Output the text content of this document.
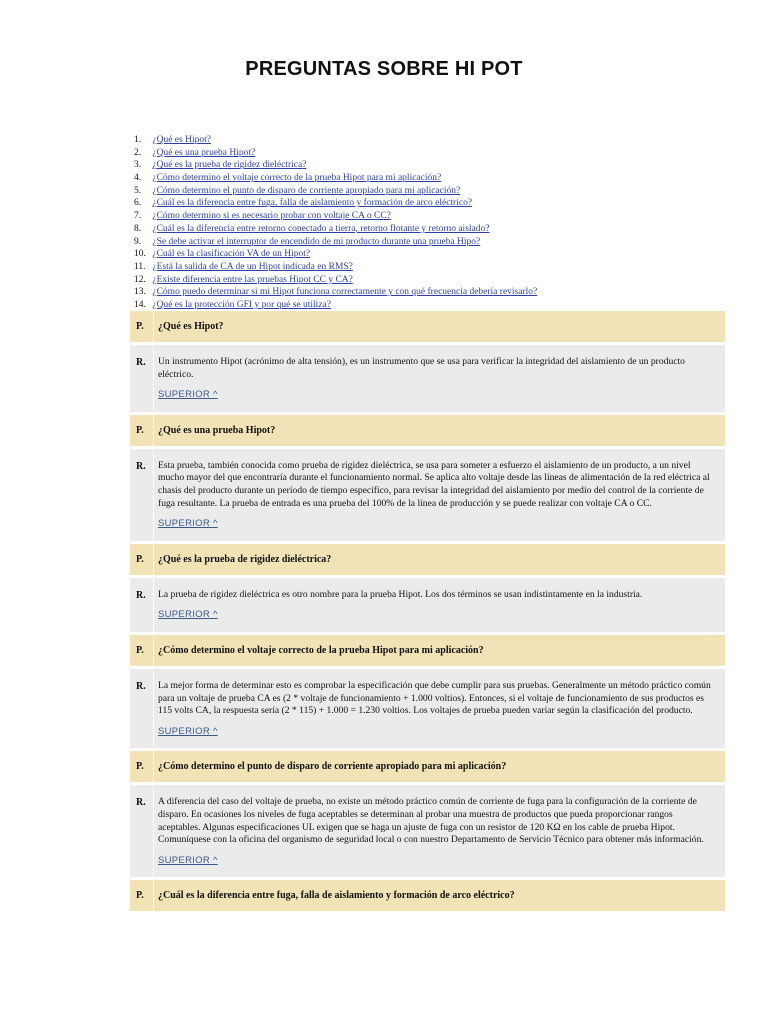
PREGUNTAS SOBRE HI POT
1. ¿Qué es Hipot?
2. ¿Qué es una prueba Hipot?
3. ¿Qué es la prueba de rigidez dieléctrica?
4. ¿Cómo determino el voltaje correcto de la prueba Hipot para mi aplicación?
5. ¿Cómo determino el punto de disparo de corriente apropiado para mi aplicación?
6. ¿Cuál es la diferencia entre fuga, falla de aislamiento y formación de arco eléctrico?
7. ¿Cómo determino si es necesario probar con voltaje CA o CC?
8. ¿Cuál es la diferencia entre retorno conectado a tierra, retorno flotante y retorno aislado?
9. ¿Se debe activar el interruptor de encendido de mi producto durante una prueba Hipo?
10. ¿Cuál es la clasificación VA de un Hipot?
11. ¿Está la salida de CA de un Hipot indicada en RMS?
12. ¿Existe diferencia entre las pruebas Hipot CC y CA?
13. ¿Cómo puedo determinar si mi Hipot funciona correctamente y con qué frecuencia debería revisarlo?
14. ¿Qué es la protección GFI y por qué se utiliza?
P.	¿Qué es Hipot?
R.	Un instrumento Hipot (acrónimo de alta tensión), es un instrumento que se usa para verificar la integridad del aislamiento de un producto eléctrico.
SUPERIOR ^
P.	¿Qué es una prueba Hipot?
R.	Esta prueba, también conocida como prueba de rigidez dieléctrica, se usa para someter a esfuerzo el aislamiento de un producto, a un nivel mucho mayor del que encontraría durante el funcionamiento normal. Se aplica alto voltaje desde las líneas de alimentación de la red eléctrica al chasis del producto durante un período de tiempo específico, para revisar la integridad del aislamiento por medio del control de la corriente de fuga resultante. La prueba de entrada es una prueba del 100% de la línea de producción y se puede realizar con voltaje CA o CC.
SUPERIOR ^
P.	¿Qué es la prueba de rigidez dieléctrica?
R.	La prueba de rigidez dieléctrica es otro nombre para la prueba Hipot. Los dos términos se usan indistintamente en la industria.
SUPERIOR ^
P.	¿Cómo determino el voltaje correcto de la prueba Hipot para mi aplicación?
R.	La mejor forma de determinar esto es comprobar la especificación que debe cumplir para sus pruebas. Generalmente un método práctico común para un voltaje de prueba CA es (2 * voltaje de funcionamiento + 1.000 voltios). Entonces, si el voltaje de funcionamiento de sus productos es 115 volts CA, la respuesta sería (2 * 115) + 1.000 = 1.230 voltios. Los voltajes de prueba pueden variar según la clasificación del producto.
SUPERIOR ^
P.	¿Cómo determino el punto de disparo de corriente apropiado para mi aplicación?
R.	A diferencia del caso del voltaje de prueba, no existe un método práctico común de corriente de fuga para la configuración de la corriente de disparo. En ocasiones los niveles de fuga aceptables se determinan al probar una muestra de productos que pueda proporcionar rangos aceptables. Algunas especificaciones UL exigen que se haga un ajuste de fuga con un resistor de 120 KΩ en los cable de prueba Hipot. Comuníquese con la oficina del organismo de seguridad local o con nuestro Departamento de Servicio Técnico para obtener más información.
SUPERIOR ^
P.	¿Cuál es la diferencia entre fuga, falla de aislamiento y formación de arco eléctrico?
